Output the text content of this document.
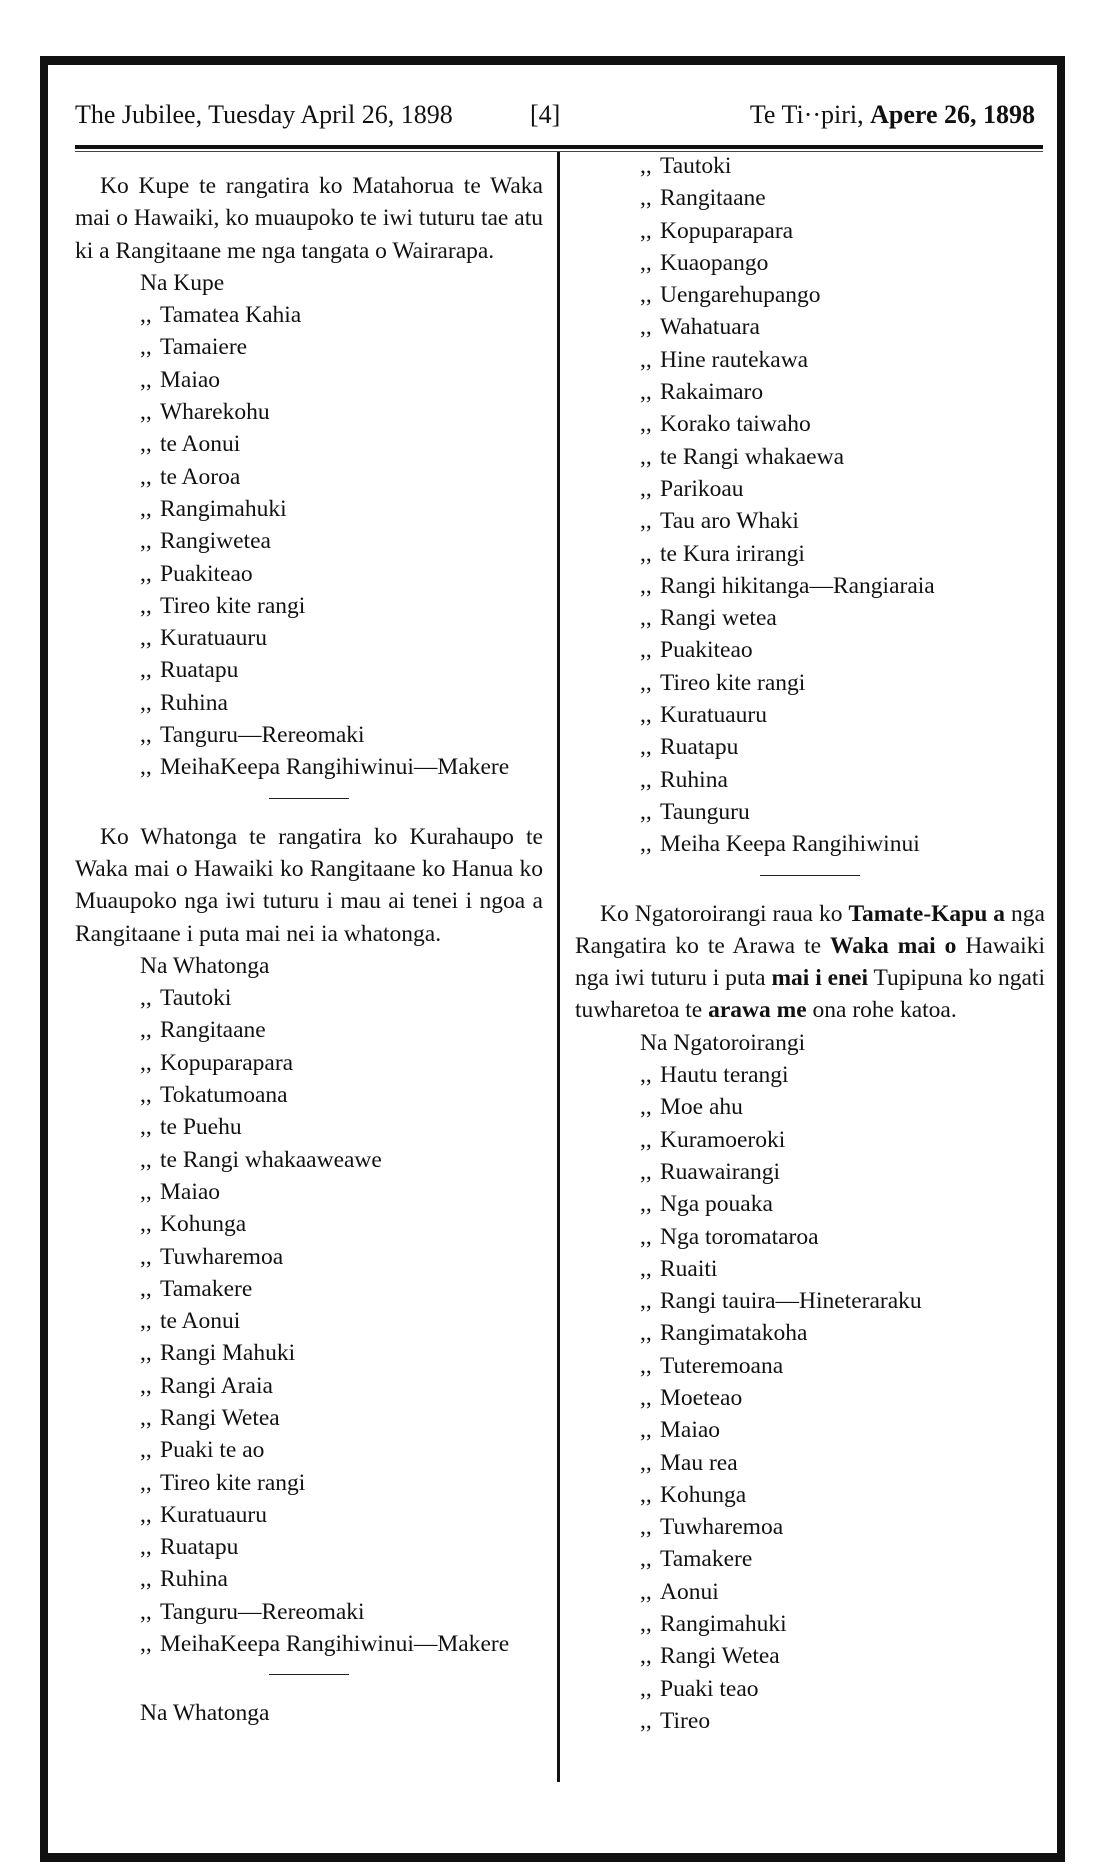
The Jubilee, Tuesday April 26, 1898	[4]	Te Ti··piri, Apere 26, 1898

Ko Kupe te rangatira ko Matahorua te Waka mai o Hawaiki, ko muaupoko te iwi tuturu tae atu ki a Rangitaane me nga tangata o Wairarapa.

Na Kupe
,, Tamatea Kahia
,, Tamaiere
,, Maiao
,, Wharekohu
,, te Aonui
,, te Aoroa
,, Rangimahuki
,, Rangiwetea
,, Puakiteao
,, Tireo kite rangi
,, Kuratuauru
,, Ruatapu
,, Ruhina
,, Tanguru—Rereomaki
,, MeihaKeepa Rangihiwinui—Makere

Ko Whatonga te rangatira ko Kurahaupo te Waka mai o Hawaiki ko Rangitaane ko Hanua ko Muaupoko nga iwi tuturu i mau ai tenei i ngoa a Rangitaane i puta mai nei ia whatonga.

Na Whatonga
,, Tautoki
,, Rangitaane
,, Kopuparapara
,, Tokatumoana
,, te Puehu
,, te Rangi whakaaweawe
,, Maiao
,, Kohunga
,, Tuwharemoa
,, Tamakere
,, te Aonui
,, Rangi Mahuki
,, Rangi Araia
,, Rangi Wetea
,, Puaki te ao
,, Tireo kite rangi
,, Kuratuauru
,, Ruatapu
,, Ruhina
,, Tanguru—Rereomaki
,, MeihaKeepa Rangihiwinui—Makere
Na Whatonga
,, Tautoki
,, Rangitaane
,, Kopuparapara
,, Kuaopango
,, Uengarehupango
,, Wahatuara
,, Hine rautekawa
,, Rakaimaro
,, Korako taiwaho
,, te Rangi whakaewa
,, Parikoau
,, Tau aro Whaki
,, te Kura irirangi
,, Rangi hikitanga—Rangiaraia
,, Rangi wetea
,, Puakiteao
,, Tireo kite rangi
,, Kuratuauru
,, Ruatapu
,, Ruhina
,, Taunguru
,, Meiha Keepa Rangihiwinui

Ko Ngatoroirangi raua ko Tamate-Kapu a nga Rangatira ko te Arawa te Waka mai o Hawaiki nga iwi tuturu i puta mai i enei Tupipuna ko ngati tuwharetoa te arawa me ona rohe katoa.

Na Ngatoroirangi
,, Hautu terangi
,, Moe ahu
,, Kuramoeroki
,, Ruawairangi
,, Nga pouaka
,, Nga toromataroa
,, Ruaiti
,, Rangi tauira—Hineteraraku
,, Rangimatakoha
,, Tuteremoana
,, Moeteao
,, Maiao
,, Mau rea
,, Kohunga
,, Tuwharemoa
,, Tamakere
,, Aonui
,, Rangimahuki
,, Rangi Wetea
,, Puaki teao
,, Tireo
